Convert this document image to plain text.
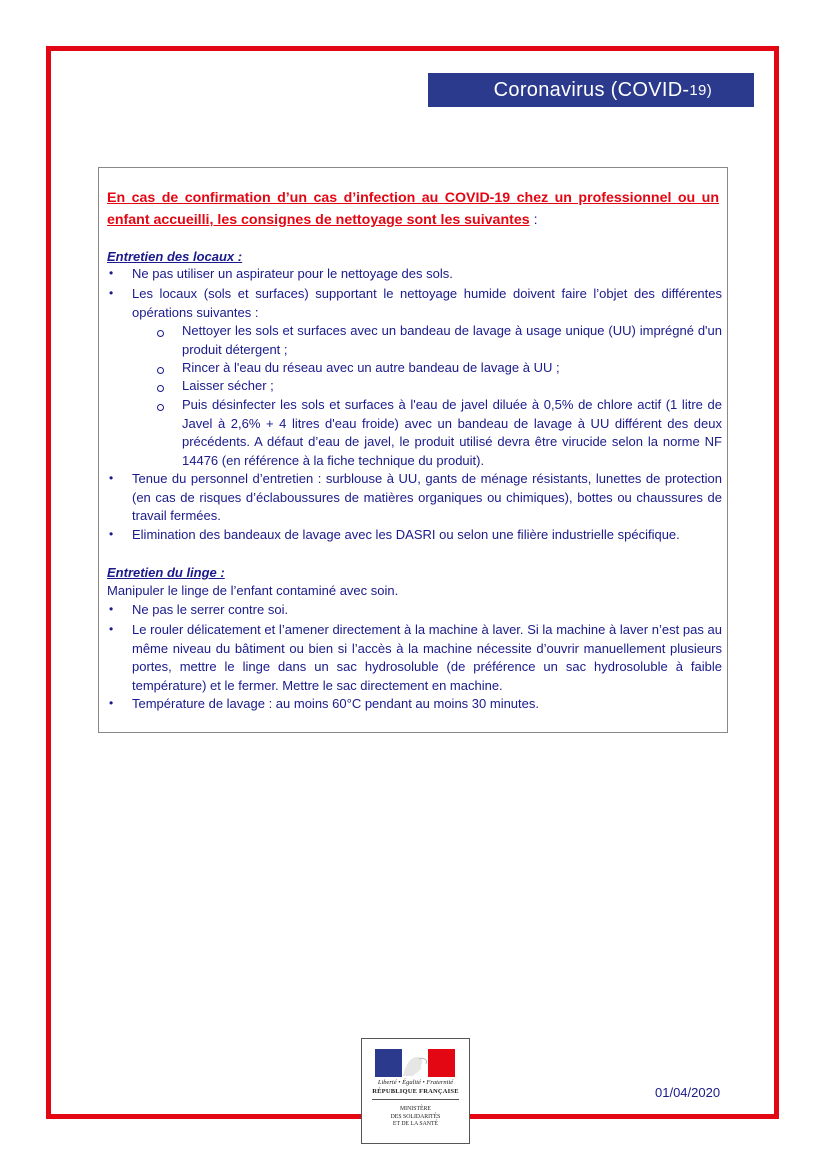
Coronavirus (COVID- 19)
En cas de confirmation d’un cas d’infection au COVID-19 chez un professionnel ou un enfant accueilli, les consignes de nettoyage sont les suivantes :
Entretien des locaux :
• Ne pas utiliser un aspirateur pour le nettoyage des sols.
• Les locaux (sols et surfaces) supportant le nettoyage humide doivent faire l’objet des différentes opérations suivantes :
Nettoyer les sols et surfaces avec un bandeau de lavage à usage unique (UU) imprégné d'un produit détergent ;
Rincer à l'eau du réseau avec un autre bandeau de lavage à UU ;
Laisser sécher ;
Puis désinfecter les sols et surfaces à l'eau de javel diluée à 0,5% de chlore actif (1 litre de Javel à 2,6% + 4 litres d'eau froide) avec un bandeau de lavage à UU différent des deux précédents. A défaut d’eau de javel, le produit utilisé devra être virucide selon la norme NF 14476 (en référence à la fiche technique du produit).
• Tenue du personnel d’entretien : surblouse à UU, gants de ménage résistants, lunettes de protection (en cas de risques d’éclaboussures de matières organiques ou chimiques), bottes ou chaussures de travail fermées.
• Elimination des bandeaux de lavage avec les DASRI ou selon une filière industrielle spécifique.
Entretien du linge :
Manipuler le linge de l’enfant contaminé avec soin.
• Ne pas le serrer contre soi.
• Le rouler délicatement et l’amener directement à la machine à laver. Si la machine à laver n’est pas au même niveau du bâtiment ou bien si l’accès à la machine nécessite d’ouvrir manuellement plusieurs portes, mettre le linge dans un sac hydrosoluble (de préférence un sac hydrosoluble à faible température) et le fermer. Mettre le sac directement en machine.
• Température de lavage : au moins 60°C pendant au moins 30 minutes.
Liberté • Égalité • Fraternité
RÉPUBLIQUE FRANÇAISE
MINISTÈRE
DES SOLIDARITÉS
ET DE LA SANTÉ
01/04/2020
